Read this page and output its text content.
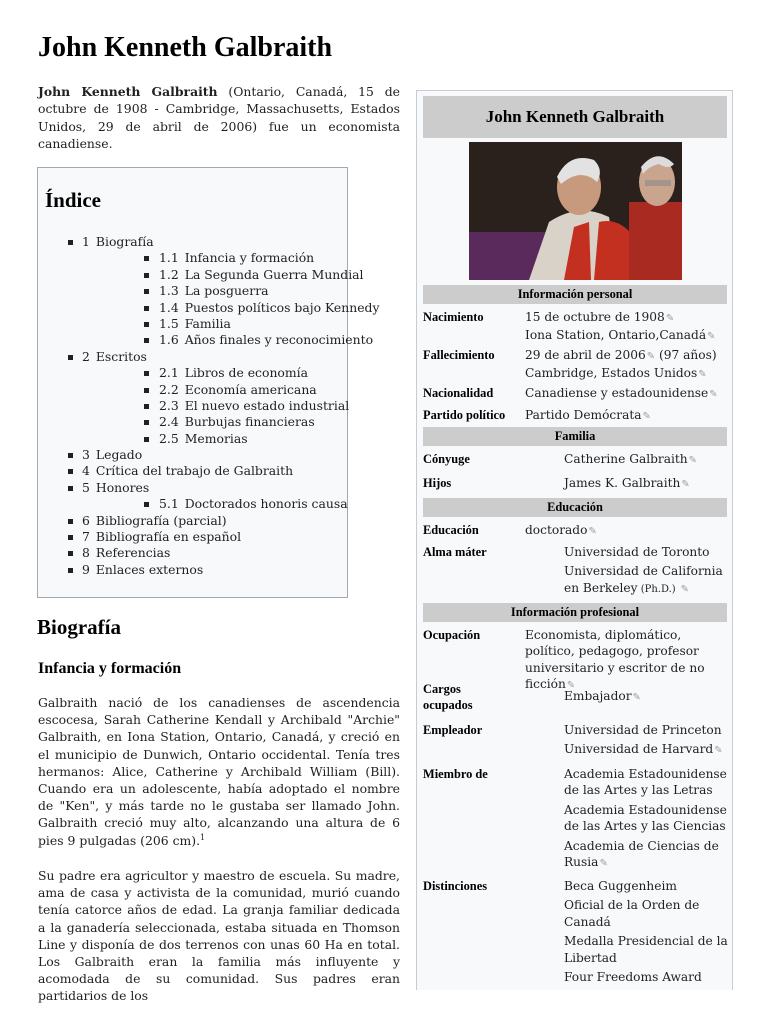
John Kenneth Galbraith

John Kenneth Galbraith (Ontario, Canadá, 15 de octubre de 1908 - Cambridge, Massachusetts, Estados Unidos, 29 de abril de 2006) fue un economista canadiense.

Índice
1 Biografía
1.1 Infancia y formación
1.2 La Segunda Guerra Mundial
1.3 La posguerra
1.4 Puestos políticos bajo Kennedy
1.5 Familia
1.6 Años finales y reconocimiento
2 Escritos
2.1 Libros de economía
2.2 Economía americana
2.3 El nuevo estado industrial
2.4 Burbujas financieras
2.5 Memorias
3 Legado
4 Crítica del trabajo de Galbraith
5 Honores
5.1 Doctorados honoris causa
6 Bibliografía (parcial)
7 Bibliografía en español
8 Referencias
9 Enlaces externos
Biografía
Infancia y formación

Galbraith nació de los canadienses de ascendencia escocesa, Sarah Catherine Kendall y Archibald "Archie" Galbraith, en Iona Station, Ontario, Canadá, y creció en el municipio de Dunwich, Ontario occidental. Tenía tres hermanos: Alice, Catherine y Archibald William (Bill). Cuando era un adolescente, había adoptado el nombre de "Ken", y más tarde no le gustaba ser llamado John. Galbraith creció muy alto, alcanzando una altura de 6 pies 9 pulgadas (206 cm).$^1$

Su padre era agricultor y maestro de escuela. Su madre, ama de casa y activista de la comunidad, murió cuando tenía catorce años de edad. La granja familiar dedicada a la ganadería seleccionada, estaba situada en Thomson Line y disponía de dos terrenos con unas 60 Ha en total. Los Galbraith eran la familia más influyente y acomodada de su comunidad. Sus padres eran partidarios de los

John Kenneth Galbraith
Información personal
Nacimiento	15 de octubre de 1908✎
Iona Station, Ontario,Canadá✎
Fallecimiento 29 de abril de 2006✎ (97 años)
Cambridge, Estados Unidos✎
Nacionalidad	Canadiense y estadounidense✎
Partido político Partido Demócrata✎
Familia
Cónyuge	Catherine Galbraith✎
Hijos	James K. Galbraith✎
Educación
Educación	doctorado✎
Alma máter	Universidad de Toronto
Universidad de California en Berkeley (Ph.D.) ✎
Información profesional
Ocupación	Economista, diplomático, político, pedagogo, profesor universitario y escritor de no ficción✎
Cargos ocupados
Embajador✎
Empleador	Universidad de Princeton
Universidad de Harvard✎
Miembro de	Academia Estadounidense de las Artes y las Letras
Academia Estadounidense de las Artes y las Ciencias
Academia de Ciencias de Rusia✎
Distinciones	Beca Guggenheim
Oficial de la Orden de Canadá
Medalla Presidencial de la Libertad
Four Freedoms Award
